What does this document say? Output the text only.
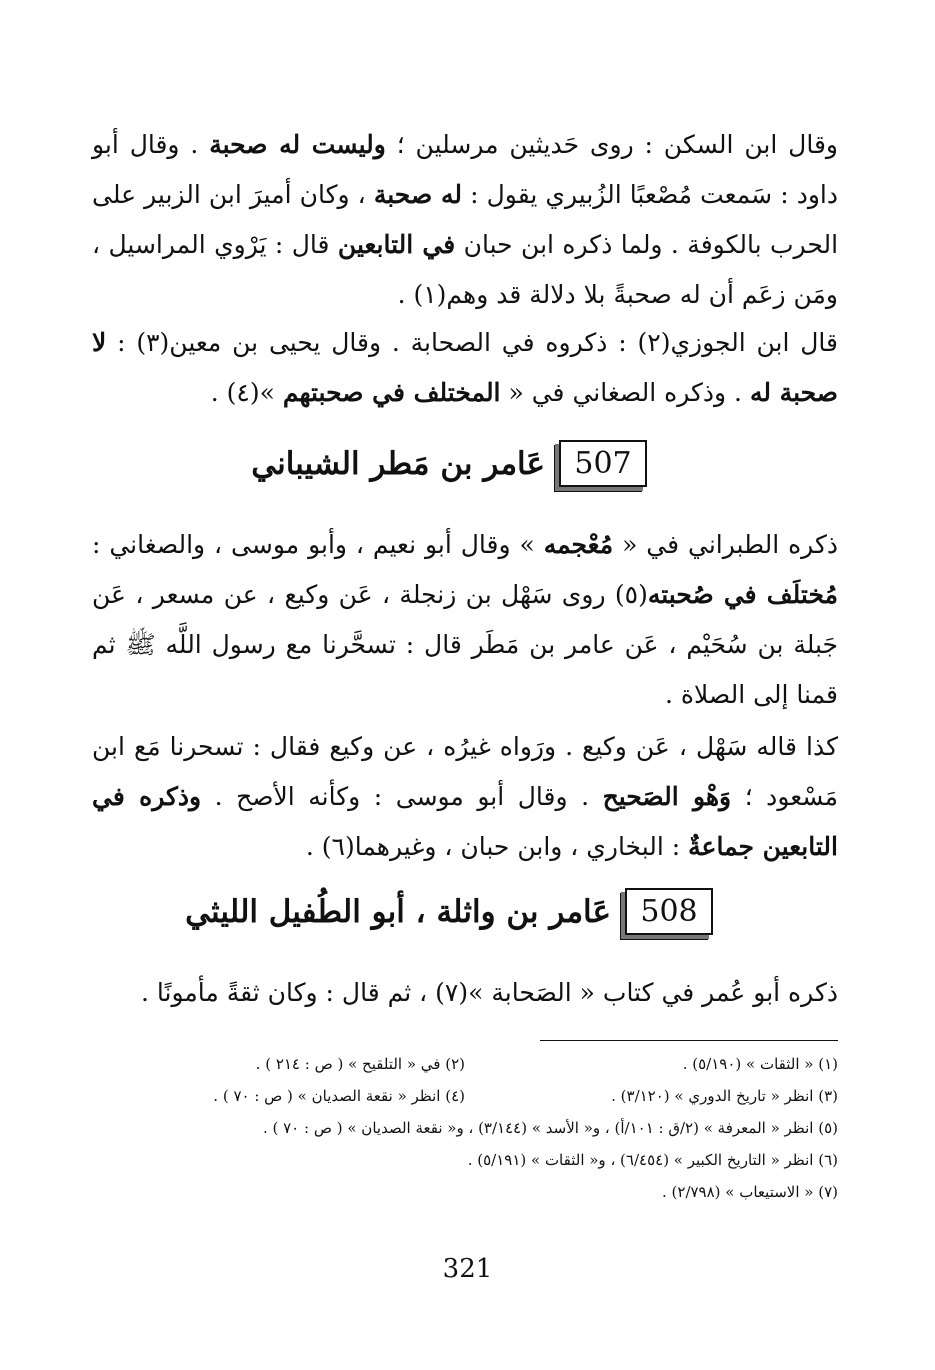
وقال ابن السكن : روى حَديثين مرسلين ؛ وليست له صحبة . وقال أبو داود : سَمعت مُصْعبًا الزُبيري يقول : له صحبة ، وكان أميرَ ابن الزبير على الحرب بالكوفة . ولما ذكره ابن حبان في التابعين قال : يَرْوي المراسيل ، ومَن زعَم أن له صحبةً بلا دلالة قد وهم(١) .

قال ابن الجوزي(٢) : ذكروه في الصحابة . وقال يحيى بن معين(٣) : لا صحبة له . وذكره الصغاني في « المختلف في صحبتهم »(٤) .

507
عَامر بن مَطر الشيباني

ذكره الطبراني في « مُعْجمه » وقال أبو نعيم ، وأبو موسى ، والصغاني : مُختلَف في صُحبته(٥) روى سَهْل بن زنجلة ، عَن وكيع ، عن مسعر ، عَن جَبلة بن سُحَيْم ، عَن عامر بن مَطَر قال : تسحَّرنا مع رسول اللَّه ﷺ ثم قمنا إلى الصلاة .

كذا قاله سَهْل ، عَن وكيع . ورَواه غيرُه ، عن وكيع فقال : تسحرنا مَع ابن مَسْعود ؛ وَهْو الصَحيح . وقال أبو موسى : وكأنه الأصح . وذكره في التابعين جماعةٌ : البخاري ، وابن حبان ، وغيرهما(٦) .

508
عَامر بن واثلة ، أبو الطُفيل الليثي

ذكره أبو عُمر في كتاب « الصَحابة »(٧) ، ثم قال : وكان ثقةً مأمونًا .

(١) « الثقات » (٥/١٩٠) .
(٢) في « التلقيح » ( ص : ٢١٤ ) .
(٣) انظر « تاريخ الدوري » (٣/١٢٠) .
(٤) انظر « نقعة الصديان » ( ص : ٧٠ ) .
(٥) انظر « المعرفة » (٢/ق : ١٠١/أ) ، و« الأسد » (٣/١٤٤) ، و« نقعة الصديان » ( ص : ٧٠ ) .
(٦) انظر « التاريخ الكبير » (٦/٤٥٤) ، و« الثقات » (٥/١٩١) .
(٧) « الاستيعاب » (٢/٧٩٨) .
321
